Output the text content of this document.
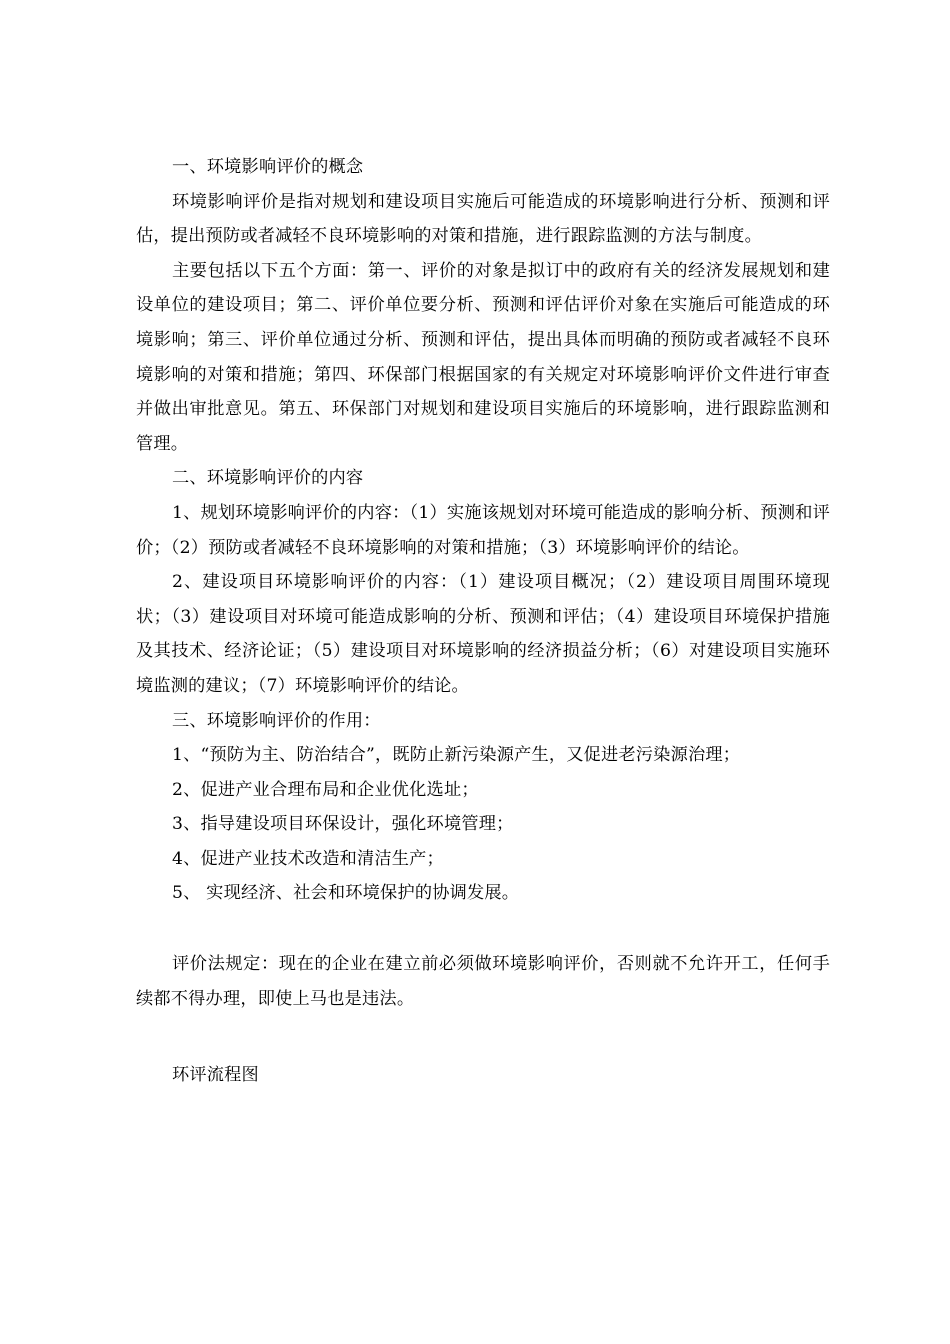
一、环境影响评价的概念

环境影响评价是指对规划和建设项目实施后可能造成的环境影响进行分析、预测和评估，提出预防或者减轻不良环境影响的对策和措施，进行跟踪监测的方法与制度。

主要包括以下五个方面：第一、评价的对象是拟订中的政府有关的经济发展规划和建设单位的建设项目；第二、评价单位要分析、预测和评估评价对象在实施后可能造成的环境影响；第三、评价单位通过分析、预测和评估，提出具体而明确的预防或者减轻不良环境影响的对策和措施；第四、环保部门根据国家的有关规定对环境影响评价文件进行审查并做出审批意见。第五、环保部门对规划和建设项目实施后的环境影响，进行跟踪监测和管理。

二、环境影响评价的内容

1、规划环境影响评价的内容：（1）实施该规划对环境可能造成的影响分析、预测和评价；（2）预防或者减轻不良环境影响的对策和措施；（3）环境影响评价的结论。

2、建设项目环境影响评价的内容：（1）建设项目概况；（2）建设项目周围环境现状；（3）建设项目对环境可能造成影响的分析、预测和评估；（4）建设项目环境保护措施及其技术、经济论证；（5）建设项目对环境影响的经济损益分析；（6）对建设项目实施环境监测的建议；（7）环境影响评价的结论。

三、环境影响评价的作用：

1、“预防为主、防治结合”，既防止新污染源产生，又促进老污染源治理；

2、促进产业合理布局和企业优化选址；

3、指导建设项目环保设计，强化环境管理；

4、促进产业技术改造和清洁生产；

5、 实现经济、社会和环境保护的协调发展。

评价法规定：现在的企业在建立前必须做环境影响评价，否则就不允许开工，任何手续都不得办理，即使上马也是违法。

环评流程图
